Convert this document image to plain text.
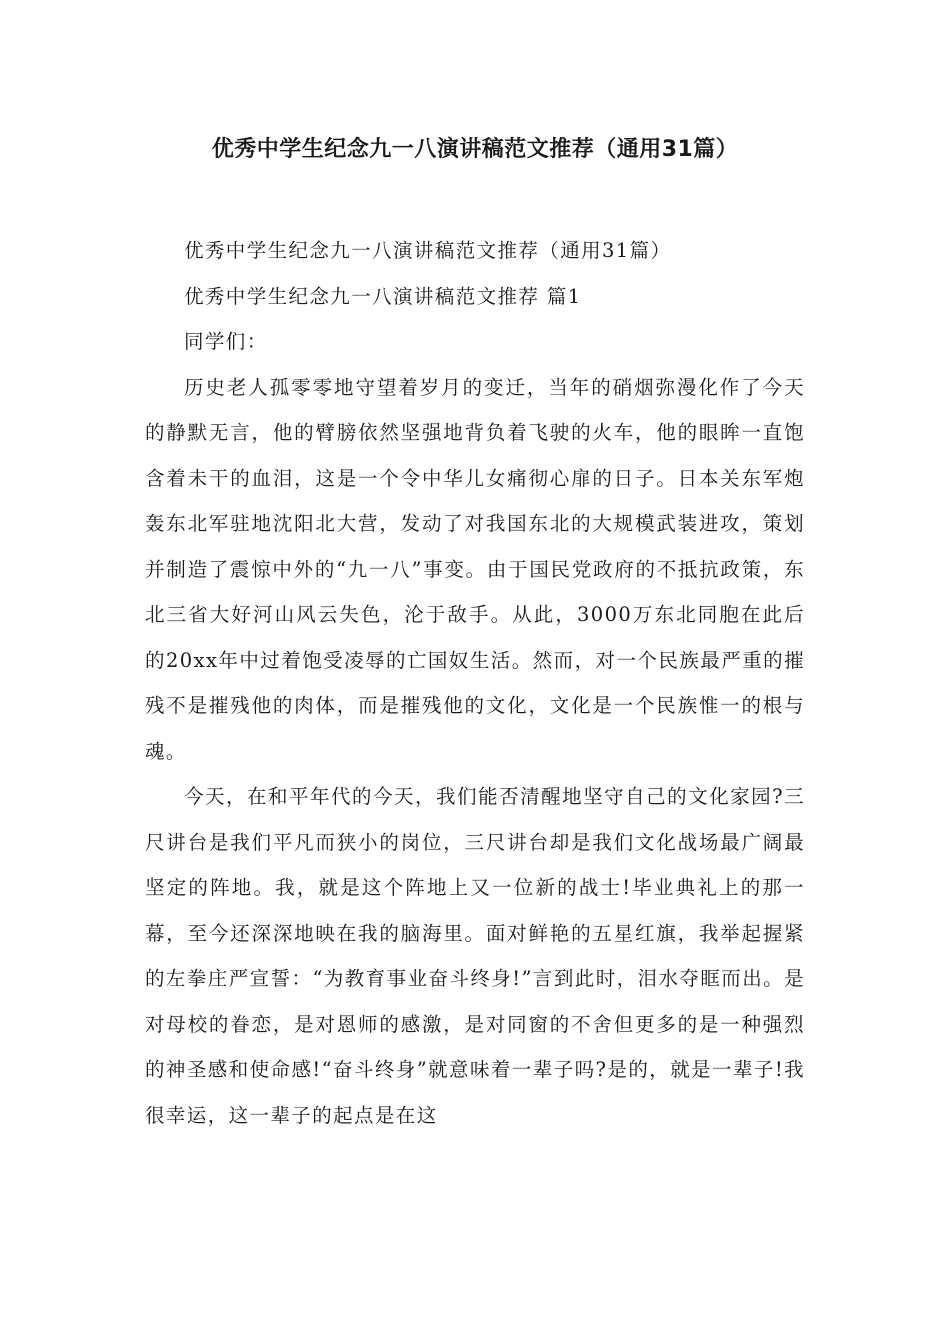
优秀中学生纪念九一八演讲稿范文推荐（通用31篇）

优秀中学生纪念九一八演讲稿范文推荐（通用31篇）

优秀中学生纪念九一八演讲稿范文推荐 篇1

同学们：

历史老人孤零零地守望着岁月的变迁，当年的硝烟弥漫化作了今天的静默无言，他的臂膀依然坚强地背负着飞驶的火车，他的眼眸一直饱含着未干的血泪，这是一个令中华儿女痛彻心扉的日子。日本关东军炮轰东北军驻地沈阳北大营，发动了对我国东北的大规模武装进攻，策划并制造了震惊中外的“九一八”事变。由于国民党政府的不抵抗政策，东北三省大好河山风云失色，沦于敌手。从此，3000万东北同胞在此后的20xx年中过着饱受凌辱的亡国奴生活。然而，对一个民族最严重的摧残不是摧残他的肉体，而是摧残他的文化，文化是一个民族惟一的根与魂。

今天，在和平年代的今天，我们能否清醒地坚守自己的文化家园?三尺讲台是我们平凡而狭小的岗位，三尺讲台却是我们文化战场最广阔最坚定的阵地。我，就是这个阵地上又一位新的战士!毕业典礼上的那一幕，至今还深深地映在我的脑海里。面对鲜艳的五星红旗，我举起握紧的左拳庄严宣誓：“为教育事业奋斗终身!”言到此时，泪水夺眶而出。是对母校的眷恋，是对恩师的感激，是对同窗的不舍但更多的是一种强烈的神圣感和使命感!“奋斗终身”就意味着一辈子吗?是的，就是一辈子!我很幸运，这一辈子的起点是在这
